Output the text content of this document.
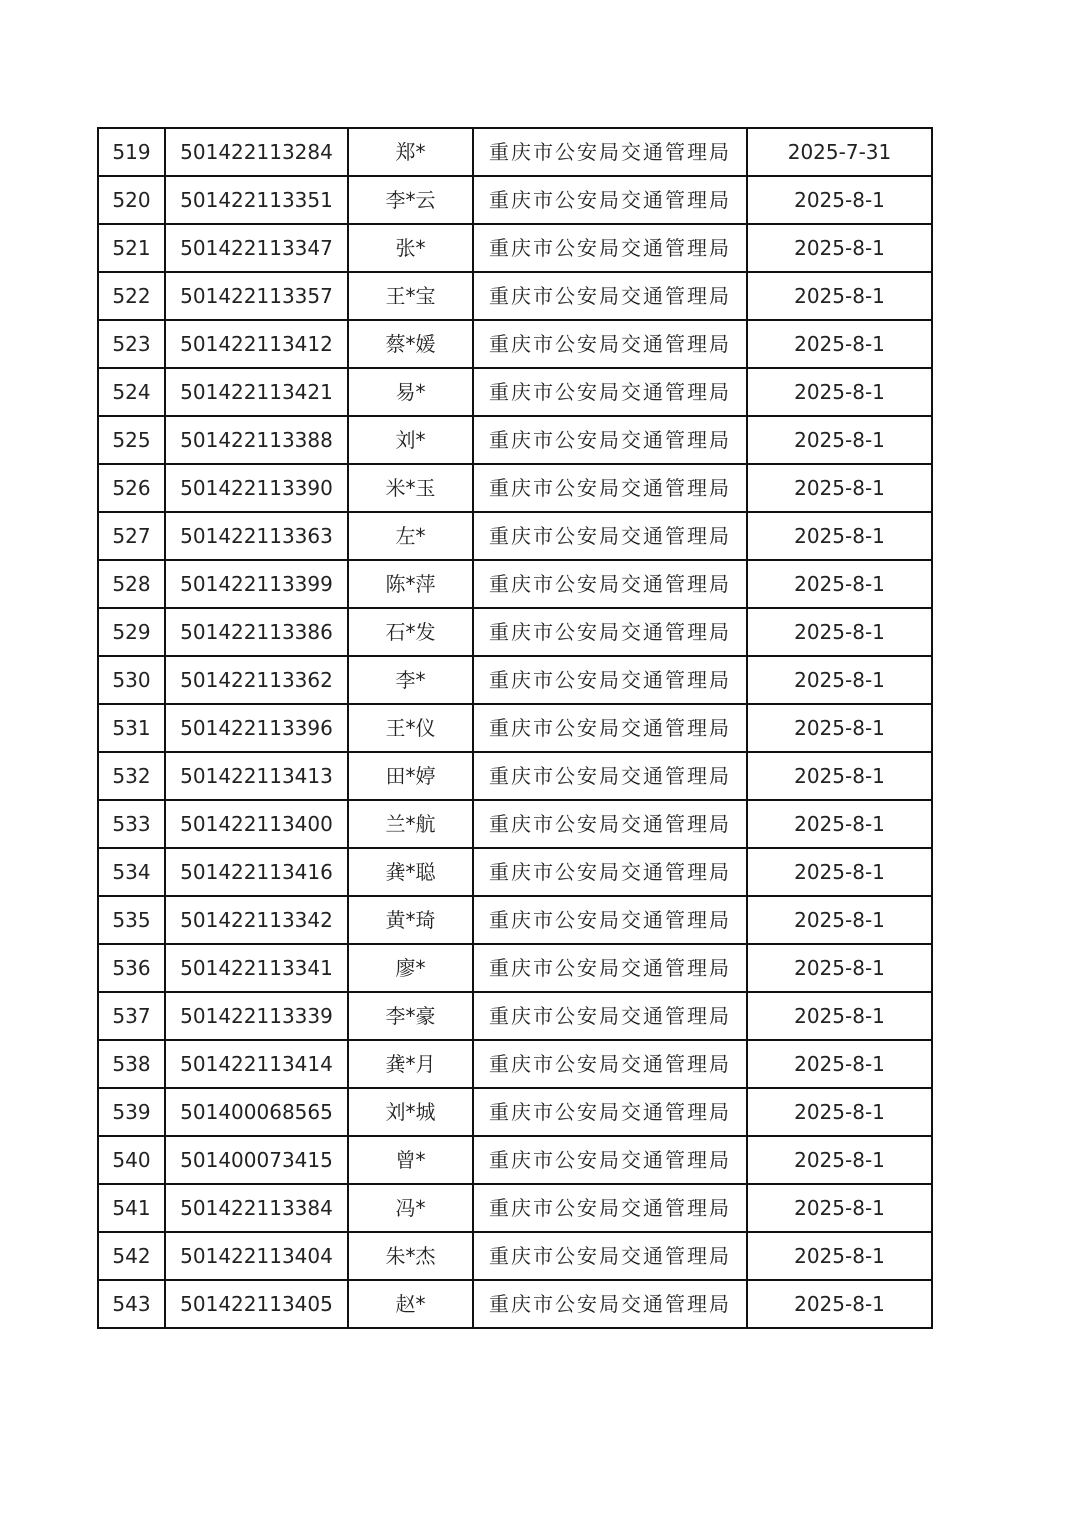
519	501422113284	郑*	重庆市公安局交通管理局	2025-7-31
520	501422113351	李*云	重庆市公安局交通管理局	2025-8-1
521	501422113347	张*	重庆市公安局交通管理局	2025-8-1
522	501422113357	王*宝	重庆市公安局交通管理局	2025-8-1
523	501422113412	蔡*媛	重庆市公安局交通管理局	2025-8-1
524	501422113421	易*	重庆市公安局交通管理局	2025-8-1
525	501422113388	刘*	重庆市公安局交通管理局	2025-8-1
526	501422113390	米*玉	重庆市公安局交通管理局	2025-8-1
527	501422113363	左*	重庆市公安局交通管理局	2025-8-1
528	501422113399	陈*萍	重庆市公安局交通管理局	2025-8-1
529	501422113386	石*发	重庆市公安局交通管理局	2025-8-1
530	501422113362	李*	重庆市公安局交通管理局	2025-8-1
531	501422113396	王*仪	重庆市公安局交通管理局	2025-8-1
532	501422113413	田*婷	重庆市公安局交通管理局	2025-8-1
533	501422113400	兰*航	重庆市公安局交通管理局	2025-8-1
534	501422113416	龚*聪	重庆市公安局交通管理局	2025-8-1
535	501422113342	黄*琦	重庆市公安局交通管理局	2025-8-1
536	501422113341	廖*	重庆市公安局交通管理局	2025-8-1
537	501422113339	李*豪	重庆市公安局交通管理局	2025-8-1
538	501422113414	龚*月	重庆市公安局交通管理局	2025-8-1
539	501400068565	刘*城	重庆市公安局交通管理局	2025-8-1
540	501400073415	曾*	重庆市公安局交通管理局	2025-8-1
541	501422113384	冯*	重庆市公安局交通管理局	2025-8-1
542	501422113404	朱*杰	重庆市公安局交通管理局	2025-8-1
543	501422113405	赵*	重庆市公安局交通管理局	2025-8-1
